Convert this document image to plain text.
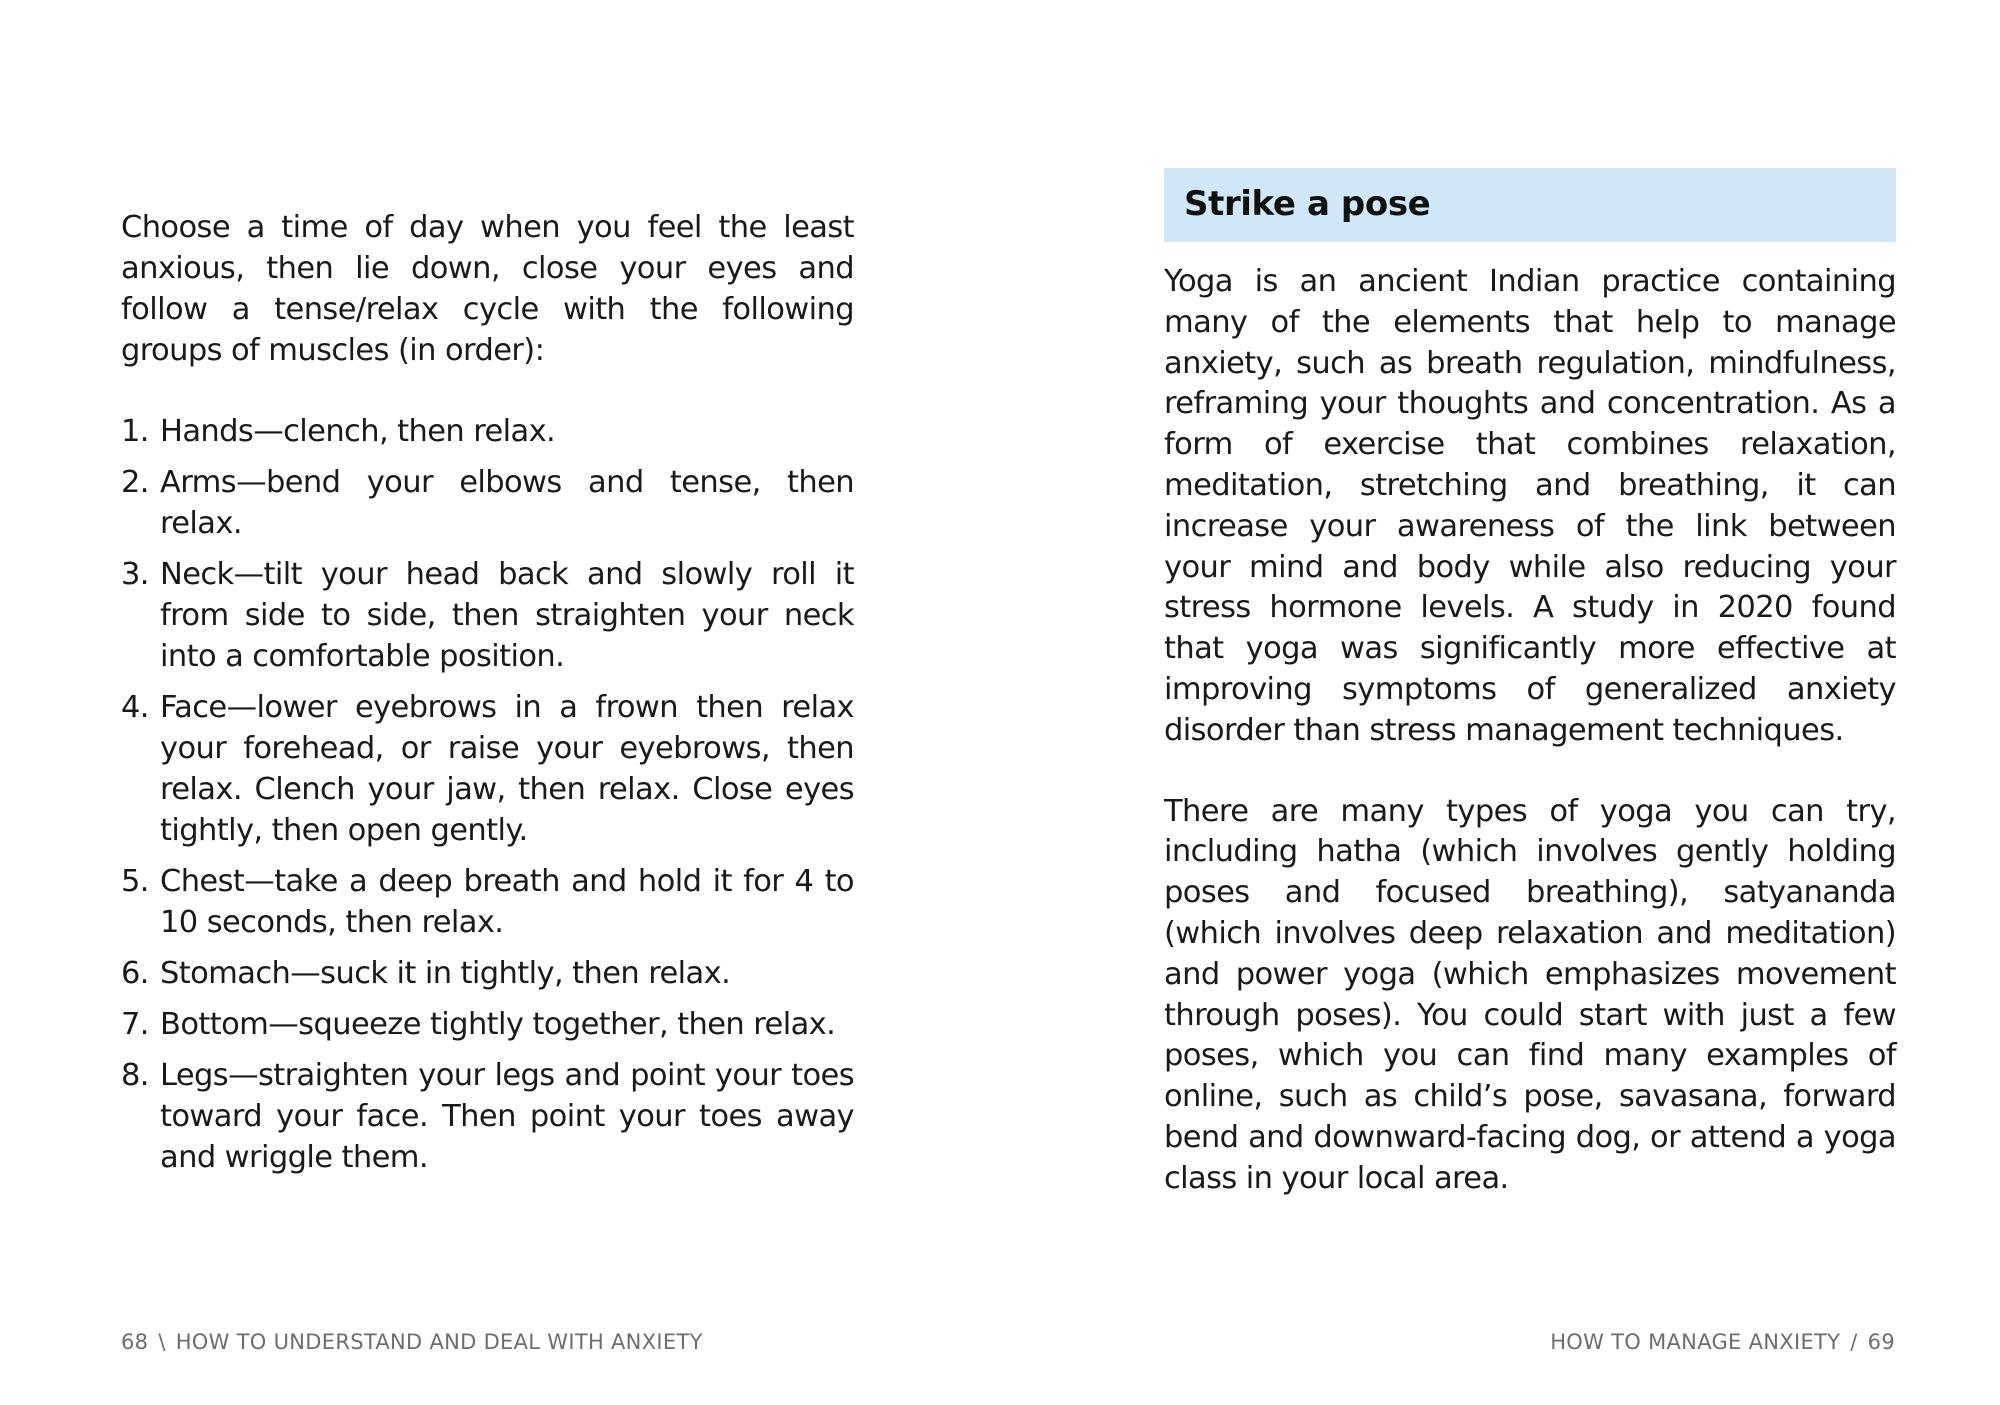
Choose a time of day when you feel the least anxious, then lie down, close your eyes and follow a tense/relax cycle with the following groups of muscles (in order):

1. Hands—clench, then relax.
2. Arms—bend your elbows and tense, then relax.
3. Neck—tilt your head back and slowly roll it from side to side, then straighten your neck into a comfortable position.
4. Face—lower eyebrows in a frown then relax your forehead, or raise your eyebrows, then relax. Clench your jaw, then relax. Close eyes tightly, then open gently.
5. Chest—take a deep breath and hold it for 4 to 10 seconds, then relax.
6. Stomach—suck it in tightly, then relax.
7. Bottom—squeeze tightly together, then relax.
8. Legs—straighten your legs and point your toes toward your face. Then point your toes away and wriggle them.
68 \ HOW TO UNDERSTAND AND DEAL WITH ANXIETY
Strike a pose

Yoga is an ancient Indian practice containing many of the elements that help to manage anxiety, such as breath regulation, mindfulness, reframing your thoughts and concentration. As a form of exercise that combines relaxation, meditation, stretching and breathing, it can increase your awareness of the link between your mind and body while also reducing your stress hormone levels. A study in 2020 found that yoga was significantly more effective at improving symptoms of generalized anxiety disorder than stress management techniques.

There are many types of yoga you can try, including hatha (which involves gently holding poses and focused breathing), satyananda (which involves deep relaxation and meditation) and power yoga (which emphasizes movement through poses). You could start with just a few poses, which you can find many examples of online, such as child’s pose, savasana, forward bend and downward-facing dog, or attend a yoga class in your local area.

HOW TO MANAGE ANXIETY / 69
